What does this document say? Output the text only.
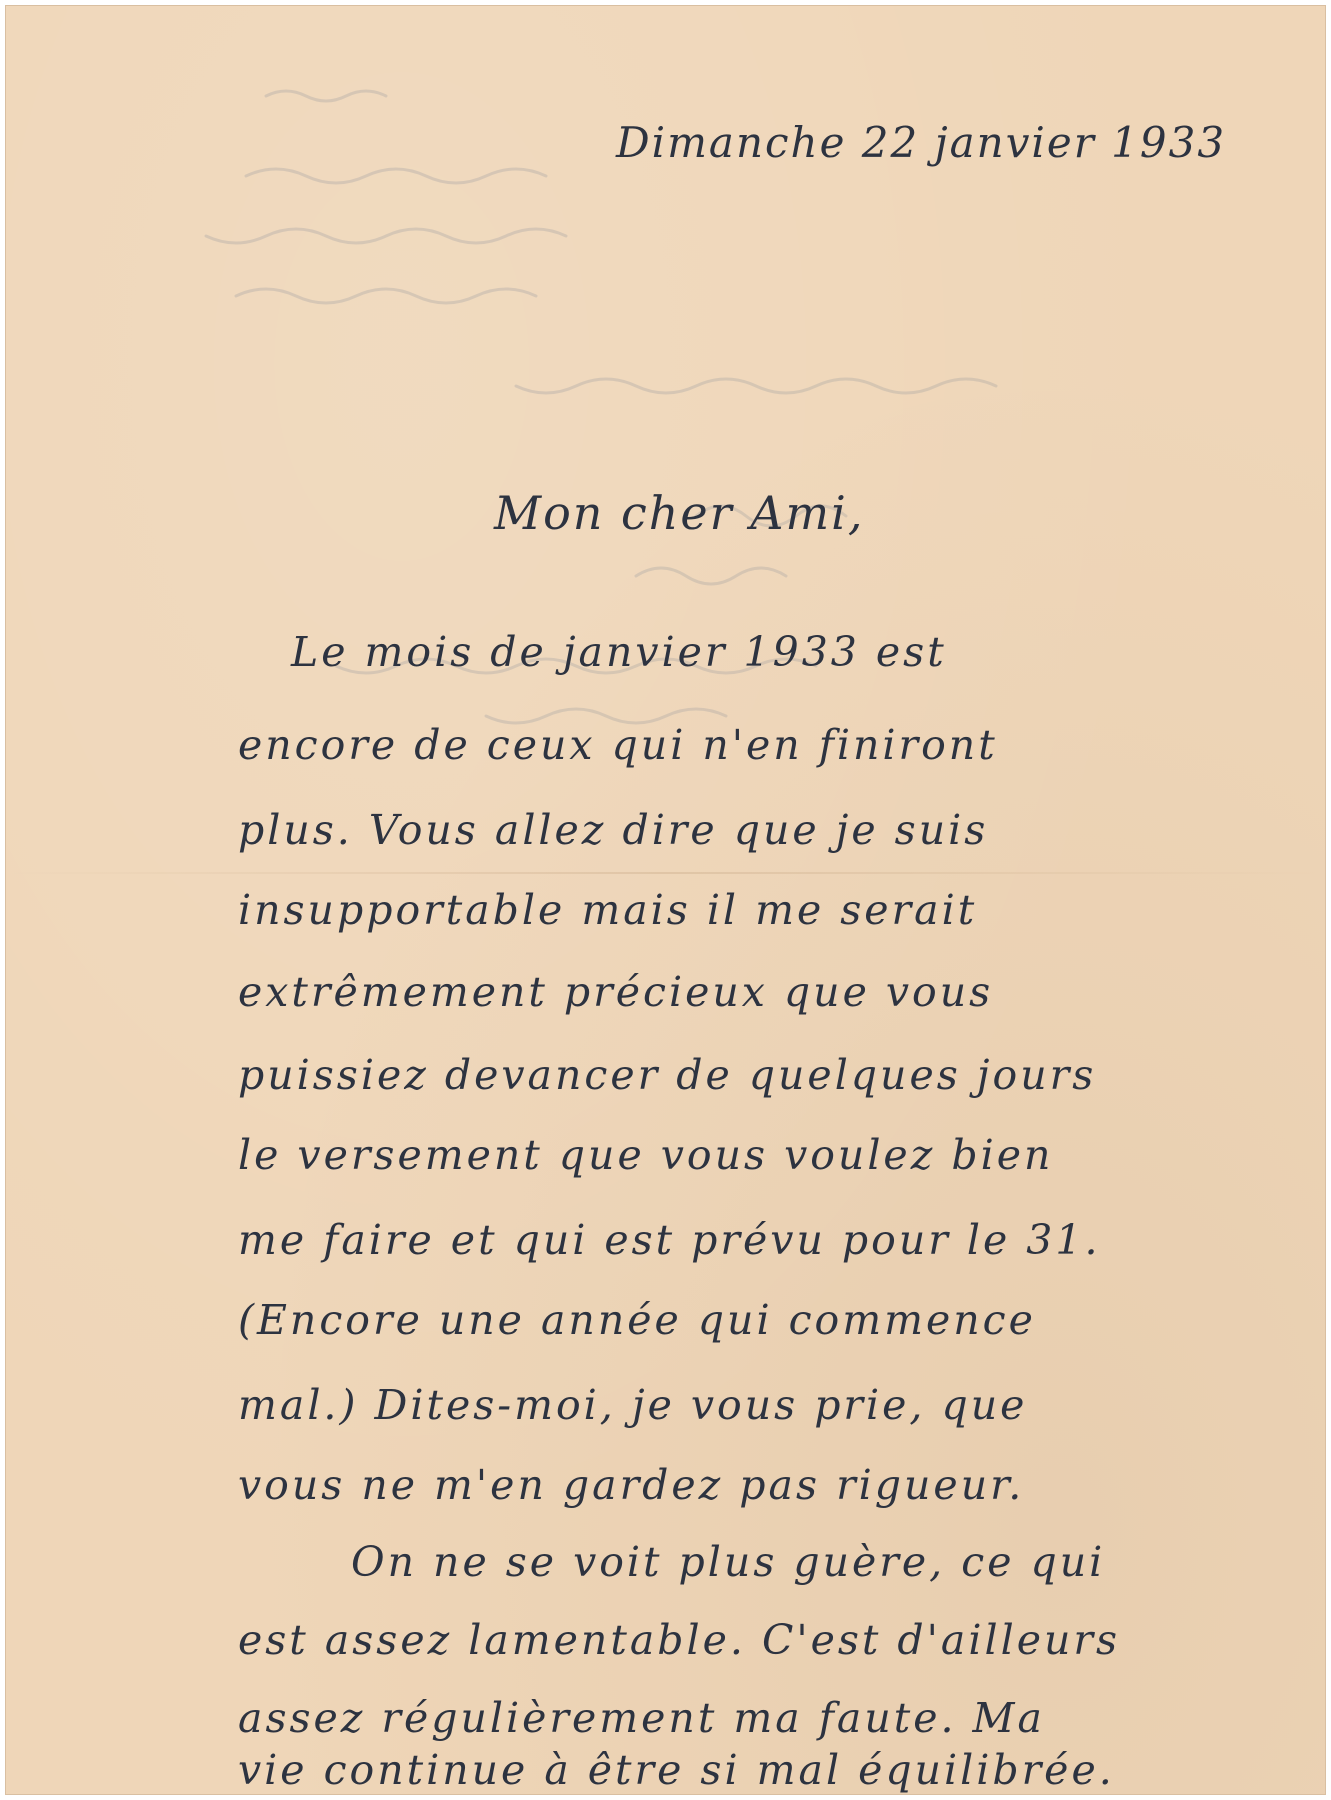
Dimanche 22 janvier 1933
Mon cher Ami,
Le mois de janvier 1933 est
encore de ceux qui n'en finiront
plus. Vous allez dire que je suis
insupportable mais il me serait
extrêmement précieux que vous
puissiez devancer de quelques jours
le versement que vous voulez bien
me faire et qui est prévu pour le 31.
(Encore une année qui commence
mal.) Dites-moi, je vous prie, que
vous ne m'en gardez pas rigueur.
On ne se voit plus guère, ce qui
est assez lamentable. C'est d'ailleurs
assez régulièrement ma faute. Ma
vie continue à être si mal équilibrée.
